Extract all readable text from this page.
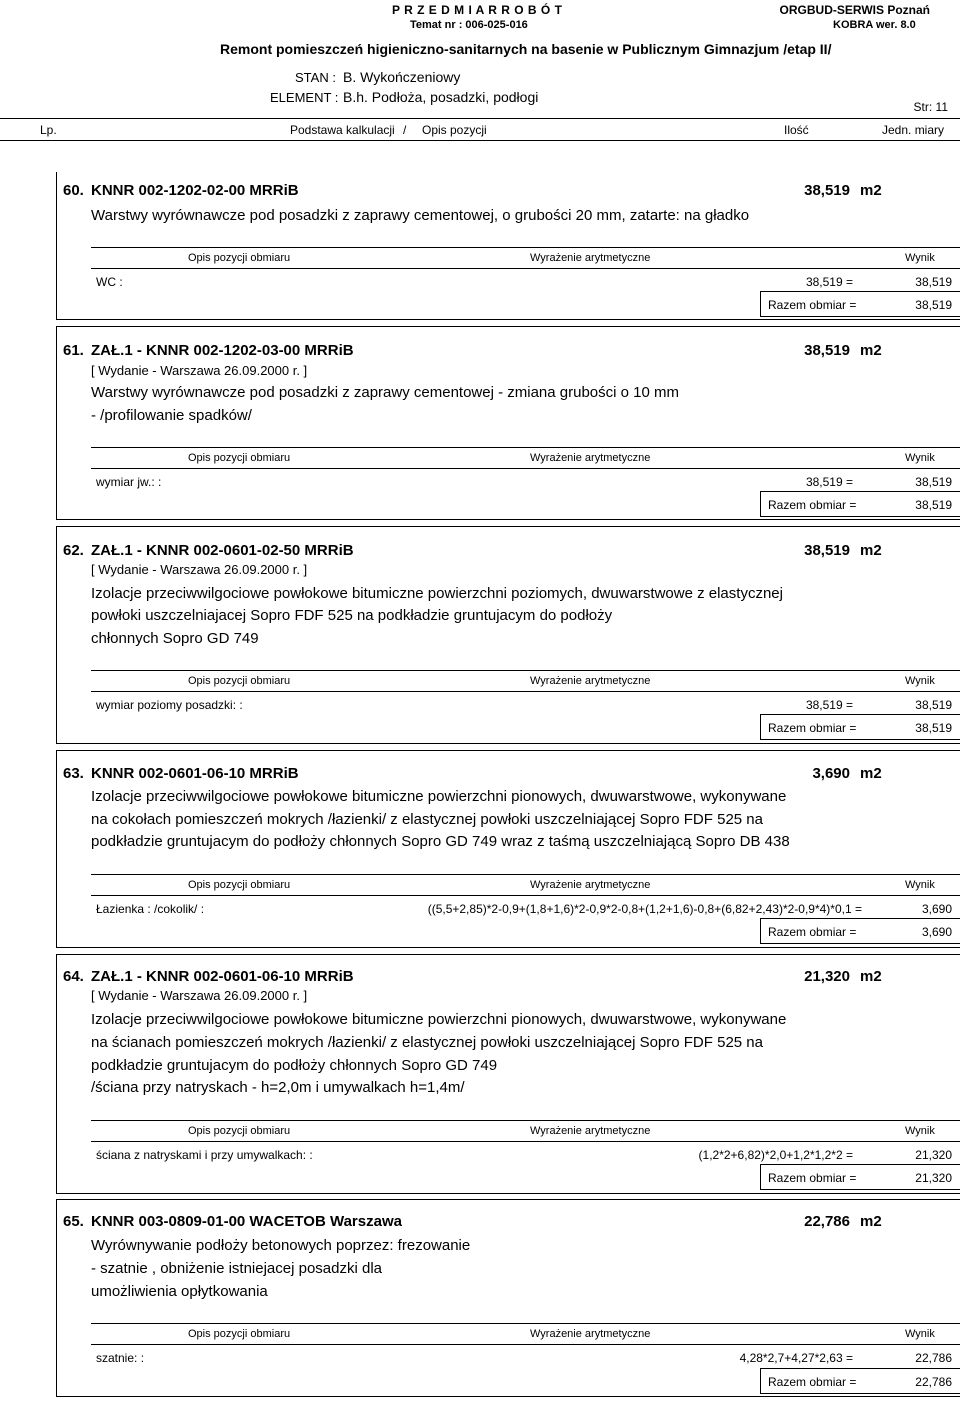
P R Z E D M I A R R O B Ó T
Temat nr : 006-025-016
ORGBUD-SERWIS Poznań
KOBRA wer. 8.0
Remont pomieszczeń higieniczno-sanitarnych na basenie w Publicznym Gimnazjum /etap II/
STAN : B. Wykończeniowy
ELEMENT : B.h. Podłoża, posadzki, podłogi
Str: 11
Lp.	Podstawa kalkulacji / Opis pozycji	Ilość	Jedn. miary
60. KNNR 002-1202-02-00 MRRiB	38,519 m2
Warstwy wyrównawcze pod posadzki z zaprawy cementowej, o grubości 20 mm, zatarte: na gładko
Opis pozycji obmiaru	Wyrażenie arytmetyczne	Wynik
WC :	38,519 =	38,519
Razem obmiar =	38,519
61. ZAŁ.1 - KNNR 002-1202-03-00 MRRiB	38,519 m2
[ Wydanie - Warszawa 26.09.2000 r. ]
Warstwy wyrównawcze pod posadzki z zaprawy cementowej - zmiana grubości o 10 mm
- /profilowanie spadków/
Opis pozycji obmiaru	Wyrażenie arytmetyczne	Wynik
wymiar jw.: :	38,519 =	38,519
Razem obmiar =	38,519
62. ZAŁ.1 - KNNR 002-0601-02-50 MRRiB	38,519 m2
[ Wydanie - Warszawa 26.09.2000 r. ]
Izolacje przeciwwilgociowe powłokowe bitumiczne powierzchni poziomych, dwuwarstwowe z elastycznej
powłoki uszczelniajacej Sopro FDF 525 na podkładzie gruntujacym do podłoży
chłonnych Sopro GD 749
Opis pozycji obmiaru	Wyrażenie arytmetyczne	Wynik
wymiar poziomy posadzki: :	38,519 =	38,519
Razem obmiar =	38,519
63. KNNR 002-0601-06-10 MRRiB	3,690 m2
Izolacje przeciwwilgociowe powłokowe bitumiczne powierzchni pionowych, dwuwarstwowe, wykonywane
na cokołach pomieszczeń mokrych /łazienki/ z elastycznej powłoki uszczelniającej Sopro FDF 525 na
podkładzie gruntujacym do podłoży chłonnych Sopro GD 749 wraz z taśmą uszczelniającą Sopro DB 438
Opis pozycji obmiaru	Wyrażenie arytmetyczne	Wynik
Łazienka : /cokolik/ :	((5,5+2,85)*2-0,9+(1,8+1,6)*2-0,9*2-0,8+(1,2+1,6)-0,8+(6,82+2,43)*2-0,9*4)*0,1 =	3,690
Razem obmiar =	3,690
64. ZAŁ.1 - KNNR 002-0601-06-10 MRRiB	21,320 m2
[ Wydanie - Warszawa 26.09.2000 r. ]
Izolacje przeciwwilgociowe powłokowe bitumiczne powierzchni pionowych, dwuwarstwowe, wykonywane
na ścianach pomieszczeń mokrych /łazienki/ z elastycznej powłoki uszczelniającej Sopro FDF 525 na
podkładzie gruntujacym do podłoży chłonnych Sopro GD 749
/ściana przy natryskach - h=2,0m i umywalkach h=1,4m/
Opis pozycji obmiaru	Wyrażenie arytmetyczne	Wynik
ściana z natryskami i przy umywalkach: :	(1,2*2+6,82)*2,0+1,2*1,2*2 =	21,320
Razem obmiar =	21,320
65. KNNR 003-0809-01-00 WACETOB Warszawa	22,786 m2
Wyrównywanie podłoży betonowych poprzez: frezowanie
- szatnie , obniżenie istniejacej posadzki dla
umożliwienia opłytkowania
Opis pozycji obmiaru	Wyrażenie arytmetyczne	Wynik
szatnie: :	4,28*2,7+4,27*2,63 =	22,786
Razem obmiar =	22,786
